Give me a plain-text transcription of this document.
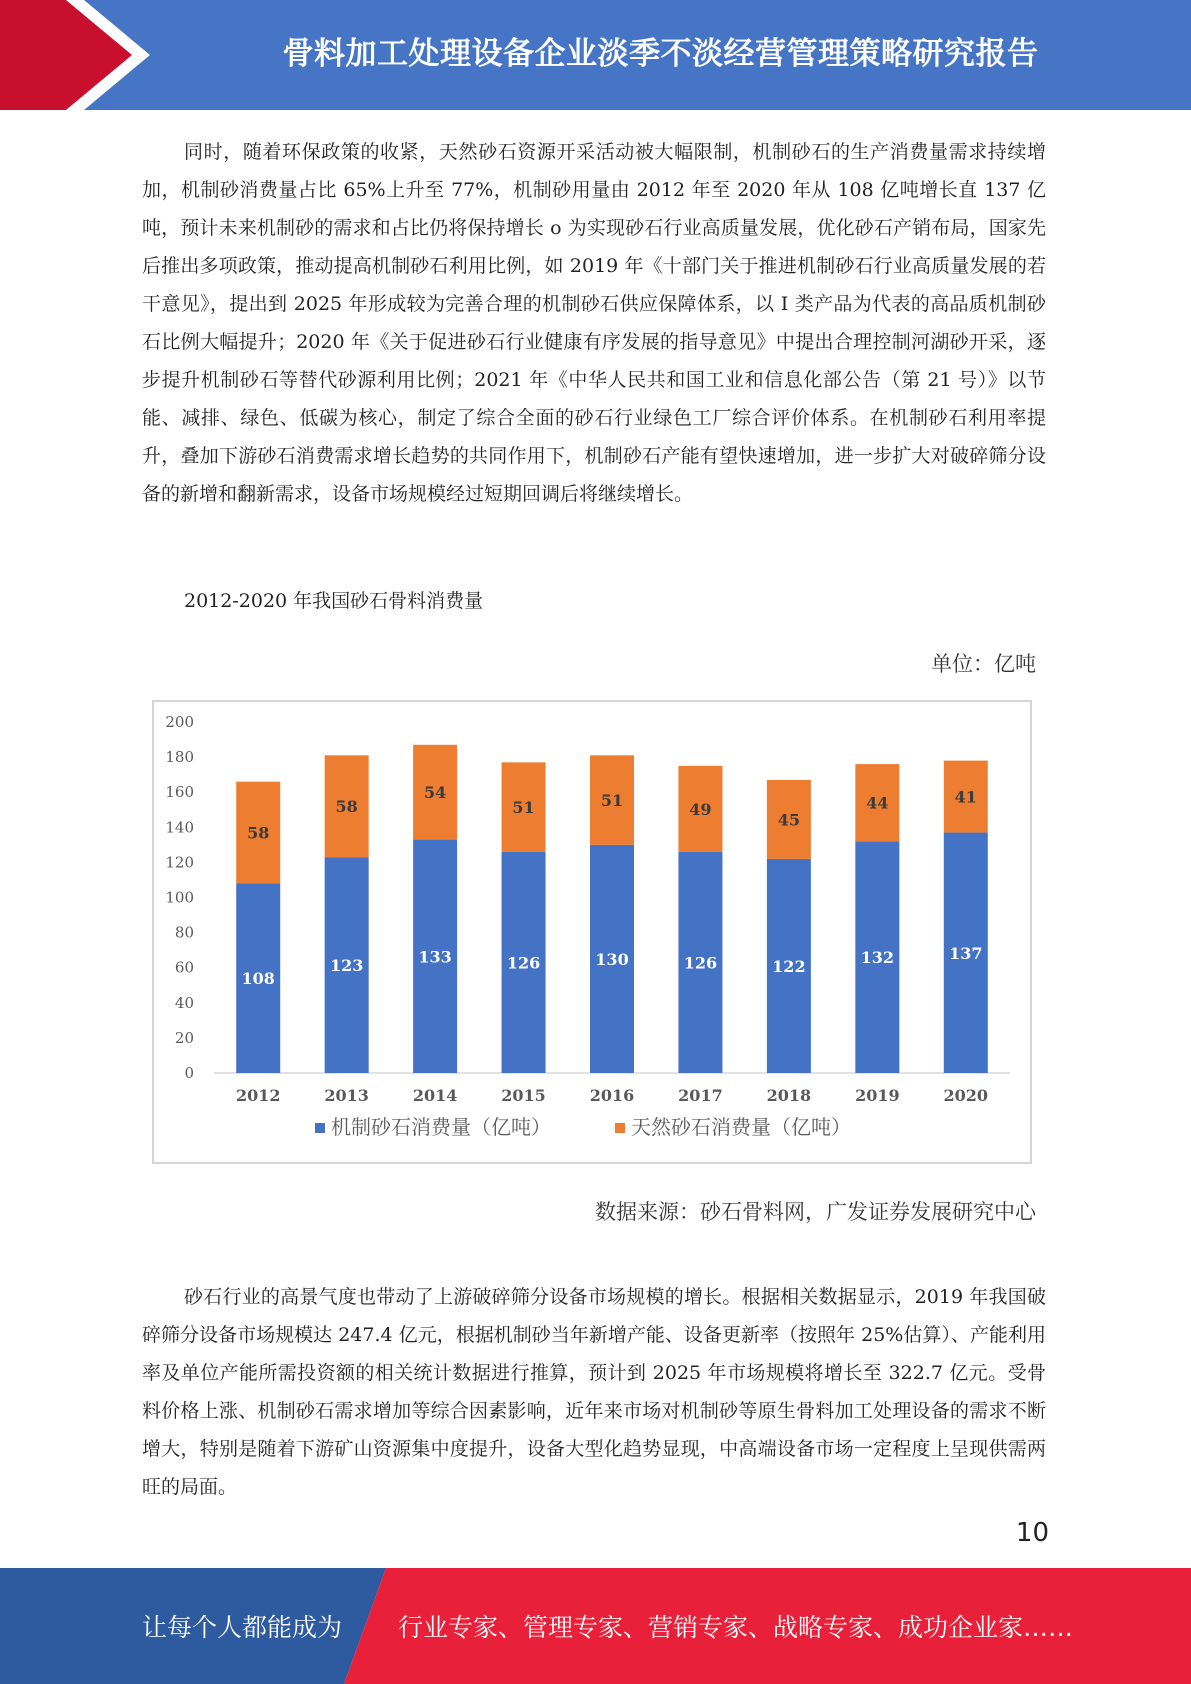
骨料加工处理设备企业淡季不淡经营管理策略研究报告

同时，随着环保政策的收紧，天然砂石资源开采活动被大幅限制，机制砂石的生产消费量需求持续增加，机制砂消费量占比 65%上升至 77%，机制砂用量由 2012 年至 2020 年从 108 亿吨增长直 137 亿吨，预计未来机制砂的需求和占比仍将保持增长 o 为实现砂石行业高质量发展，优化砂石产销布局，国家先后推出多项政策，推动提高机制砂石利用比例，如 2019 年《十部门关于推进机制砂石行业高质量发展的若干意见》，提出到 2025 年形成较为完善合理的机制砂石供应保障体系，以 I 类产品为代表的高品质机制砂石比例大幅提升；2020 年《关于促进砂石行业健康有序发展的指导意见》中提出合理控制河湖砂开采，逐步提升机制砂石等替代砂源利用比例；2021 年《中华人民共和国工业和信息化部公告（第 21 号）》以节能、减排、绿色、低碳为核心，制定了综合全面的砂石行业绿色工厂综合评价体系。在机制砂石利用率提升，叠加下游砂石消费需求增长趋势的共同作用下，机制砂石产能有望快速增加，进一步扩大对破碎筛分设备的新增和翻新需求，设备市场规模经过短期回调后将继续增长。

2012-2020 年我国砂石骨料消费量
单位：亿吨
0
20
40
60
80
100
120
140
160
180
200
108
58
2012
123
58
2013
133
54
2014
126
51
2015
130
51
2016
126
49
2017
122
45
2018
132
44
2019
137
41
2020
机制砂石消费量（亿吨）	天然砂石消费量（亿吨）
数据来源：砂石骨料网，广发证券发展研究中心

砂石行业的高景气度也带动了上游破碎筛分设备市场规模的增长。根据相关数据显示，2019 年我国破碎筛分设备市场规模达 247.4 亿元，根据机制砂当年新增产能、设备更新率（按照年 25%估算）、产能利用率及单位产能所需投资额的相关统计数据进行推算，预计到 2025 年市场规模将增长至 322.7 亿元。受骨料价格上涨、机制砂石需求增加等综合因素影响，近年来市场对机制砂等原生骨料加工处理设备的需求不断增大，特别是随着下游矿山资源集中度提升，设备大型化趋势显现，中高端设备市场一定程度上呈现供需两旺的局面。

10
让每个人都能成为 行业专家、管理专家、营销专家、战略专家、成功企业家……
